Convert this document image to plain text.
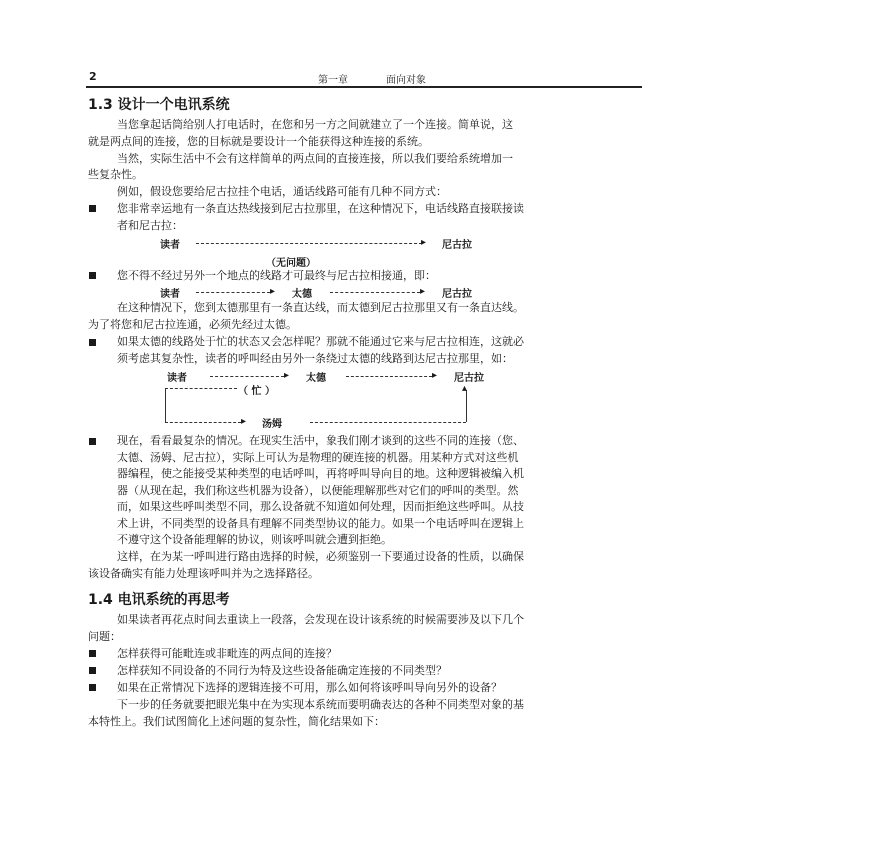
2	第一章	面向对象
1.3 设计一个电讯系统
当您拿起话筒给别人打电话时，在您和另一方之间就建立了一个连接。简单说，这
就是两点间的连接，您的目标就是要设计一个能获得这种连接的系统。
当然，实际生活中不会有这样简单的两点间的直接连接，所以我们要给系统增加一
些复杂性。
例如，假设您要给尼古拉挂个电话，通话线路可能有几种不同方式：
您非常幸运地有一条直达热线接到尼古拉那里，在这种情况下，电话线路直接联接读
者和尼古拉：
读者	▸ 尼古拉
（无问题）
您不得不经过另外一个地点的线路才可最终与尼古拉相接通，即：
读者	▸ 太德	▸ 尼古拉
在这种情况下，您到太德那里有一条直达线，而太德到尼古拉那里又有一条直达线。
为了将您和尼古拉连通，必须先经过太德。
如果太德的线路处于忙的状态又会怎样呢？那就不能通过它来与尼古拉相连，这就必
须考虑其复杂性，读者的呼叫经由另外一条绕过太德的线路到达尼古拉那里，如：
读者	▸ 太德	▸ 尼古拉
（ 忙 ）
▸ 汤姆
▴
现在，看看最复杂的情况。在现实生活中，象我们刚才谈到的这些不同的连接（您、
太德、汤姆、尼古拉），实际上可认为是物理的硬连接的机器。用某种方式对这些机
器编程，使之能接受某种类型的电话呼叫，再将呼叫导向目的地。这种逻辑被编入机
器（从现在起，我们称这些机器为设备），以便能理解那些对它们的呼叫的类型。然
而，如果这些呼叫类型不同，那么设备就不知道如何处理，因而拒绝这些呼叫。从技
术上讲，不同类型的设备具有理解不同类型协议的能力。如果一个电话呼叫在逻辑上
不遵守这个设备能理解的协议，则该呼叫就会遭到拒绝。
这样，在为某一呼叫进行路由选择的时候，必须鉴别一下要通过设备的性质，以确保
该设备确实有能力处理该呼叫并为之选择路径。
1.4 电讯系统的再思考
如果读者再花点时间去重读上一段落，会发现在设计该系统的时候需要涉及以下几个
问题：
怎样获得可能毗连或非毗连的两点间的连接？
怎样获知不同设备的不同行为特及这些设备能确定连接的不同类型？
如果在正常情况下选择的逻辑连接不可用，那么如何将该呼叫导向另外的设备？
下一步的任务就要把眼光集中在为实现本系统而要明确表达的各种不同类型对象的基
本特性上。我们试图简化上述问题的复杂性，简化结果如下：
